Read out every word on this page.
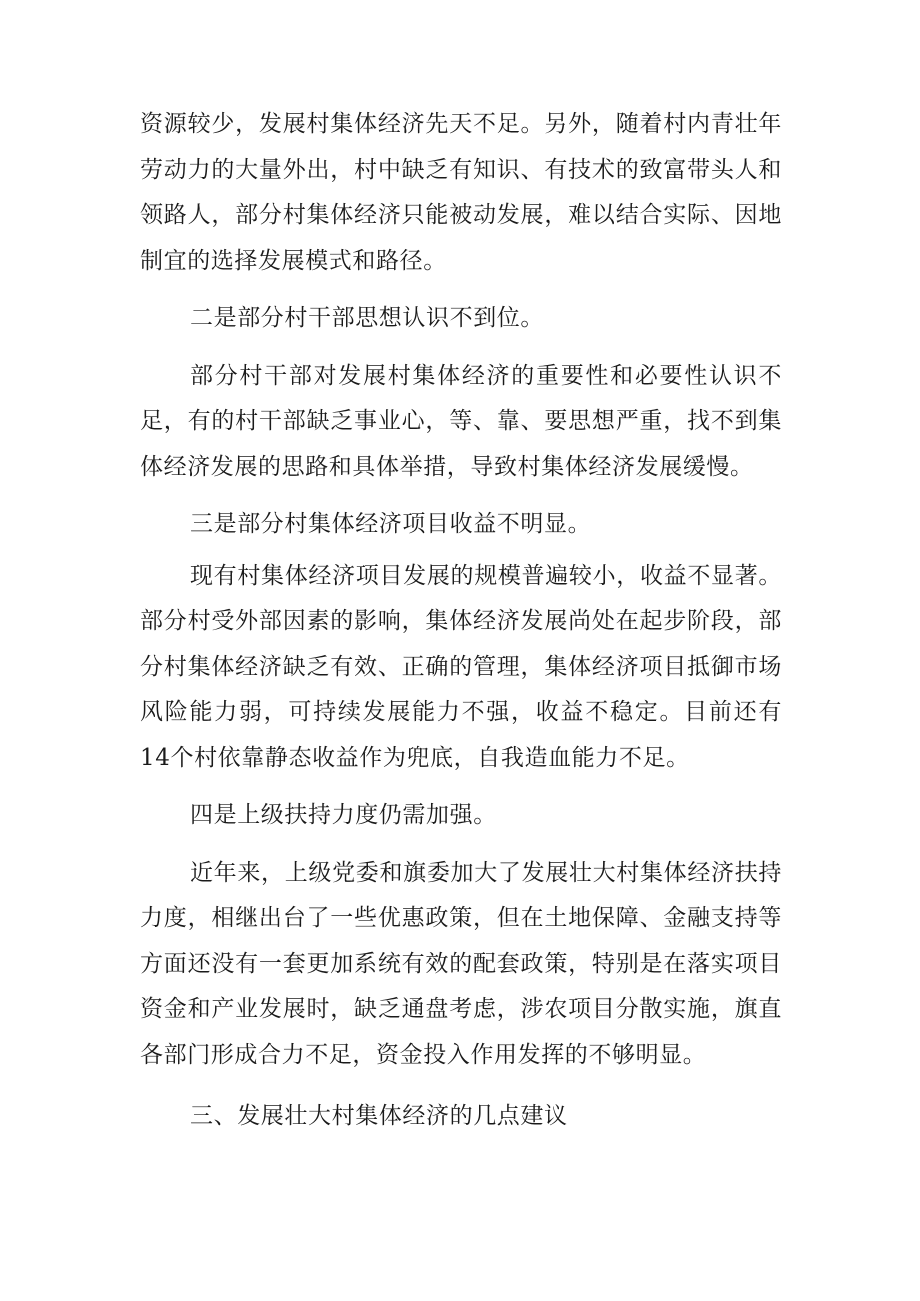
资源较少，发展村集体经济先天不足。另外，随着村内青壮年劳动力的大量外出，村中缺乏有知识、有技术的致富带头人和领路人，部分村集体经济只能被动发展，难以结合实际、因地制宜的选择发展模式和路径。

二是部分村干部思想认识不到位。

部分村干部对发展村集体经济的重要性和必要性认识不足，有的村干部缺乏事业心，等、靠、要思想严重，找不到集体经济发展的思路和具体举措，导致村集体经济发展缓慢。

三是部分村集体经济项目收益不明显。

现有村集体经济项目发展的规模普遍较小，收益不显著。部分村受外部因素的影响，集体经济发展尚处在起步阶段，部分村集体经济缺乏有效、正确的管理，集体经济项目抵御市场风险能力弱，可持续发展能力不强，收益不稳定。目前还有14个村依靠静态收益作为兜底，自我造血能力不足。

四是上级扶持力度仍需加强。

近年来，上级党委和旗委加大了发展壮大村集体经济扶持力度，相继出台了一些优惠政策，但在土地保障、金融支持等方面还没有一套更加系统有效的配套政策，特别是在落实项目资金和产业发展时，缺乏通盘考虑，涉农项目分散实施，旗直各部门形成合力不足，资金投入作用发挥的不够明显。

三、发展壮大村集体经济的几点建议
